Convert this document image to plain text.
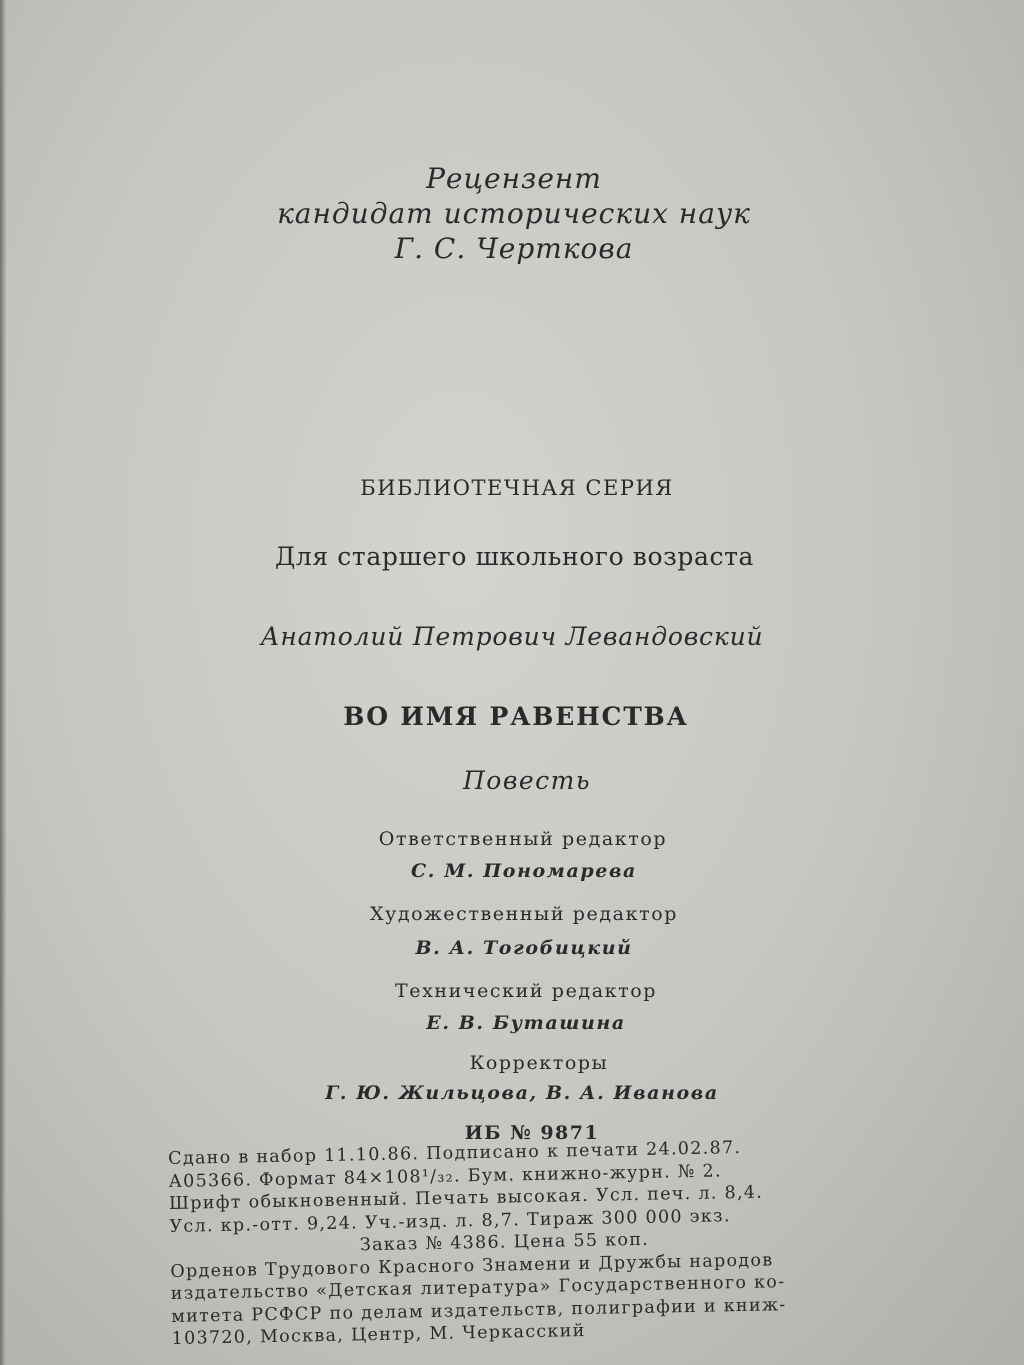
Рецензент
кандидат исторических наук
Г. С. Черткова
БИБЛИОТЕЧНАЯ СЕРИЯ
Для старшего школьного возраста
Анатолий Петрович Левандовский
ВО ИМЯ РАВЕНСТВА
Повесть
Ответственный редактор
С. М. Пономарева
Художественный редактор
В. А. Тогобицкий
Технический редактор
Е. В. Буташина
Корректоры
Г. Ю. Жильцова, В. А. Иванова
ИБ № 9871
Сдано в набор 11.10.86. Подписано к печати 24.02.87.
А05366. Формат 84×108¹/₃₂. Бум. книжно-журн. № 2.
Шрифт обыкновенный. Печать высокая. Усл. печ. л. 8,4.
Усл. кр.-отт. 9,24. Уч.-изд. л. 8,7. Тираж 300 000 экз.
Заказ № 4386. Цена 55 коп.
Орденов Трудового Красного Знамени и Дружбы народов
издательство «Детская литература» Государственного ко-
митета РСФСР по делам издательств, полиграфии и книж-
103720, Москва, Центр, М. Черкасский
